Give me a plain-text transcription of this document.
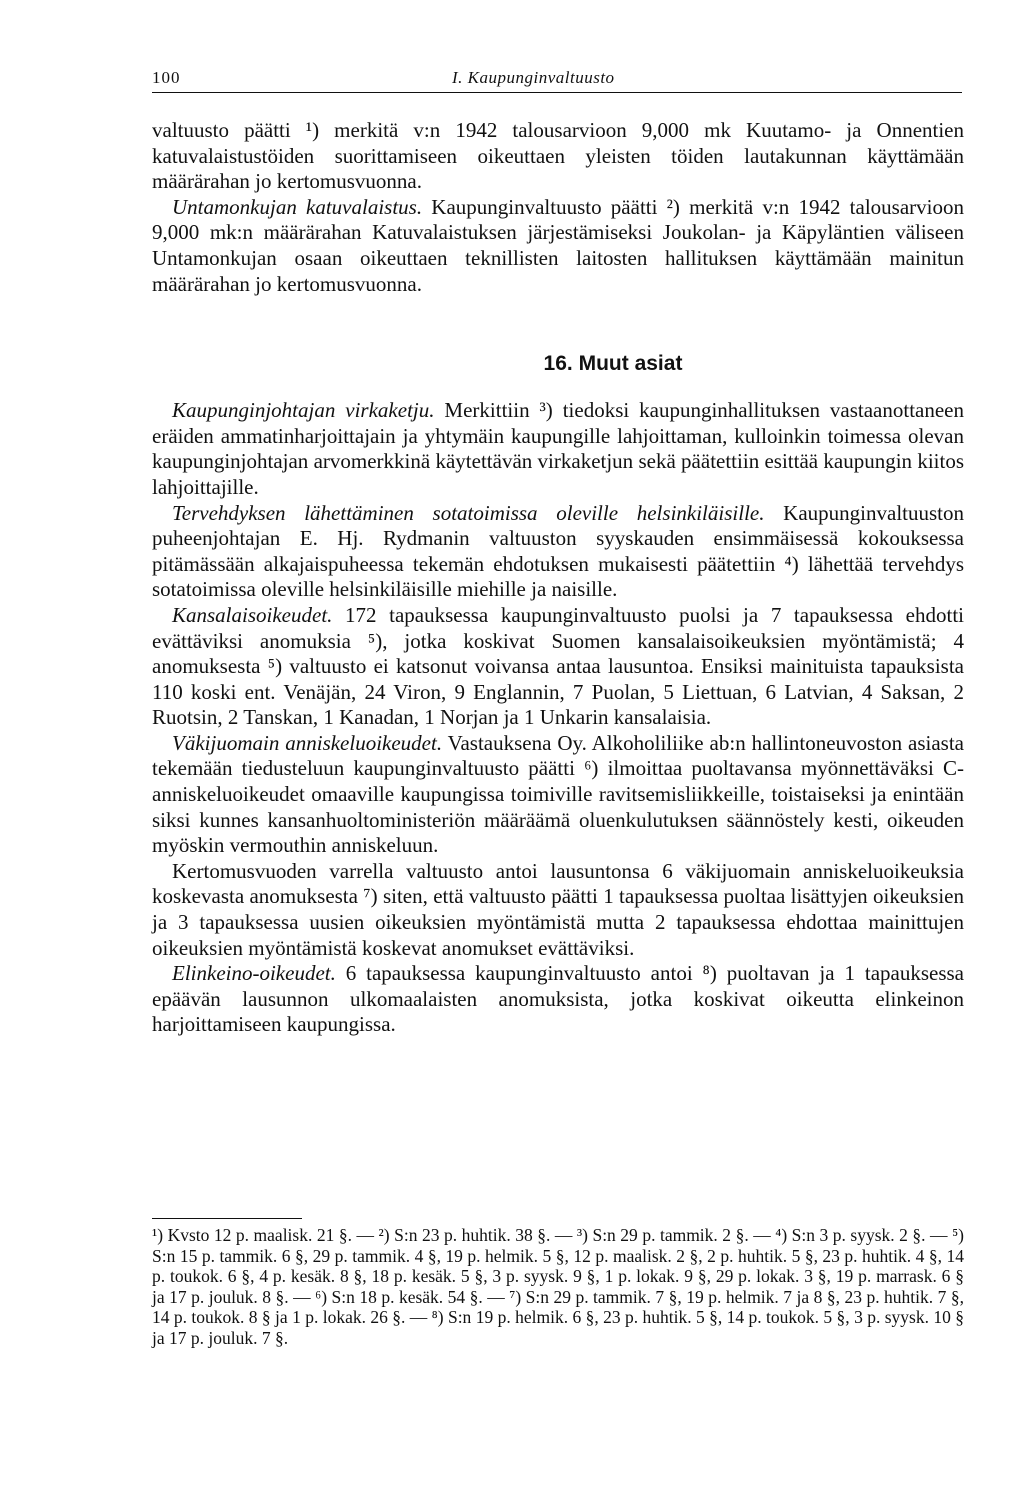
100	I. Kaupunginvaltuusto

valtuusto päätti ¹) merkitä v:n 1942 talousarvioon 9,000 mk Kuutamo- ja Onnentien katuvalaistustöiden suorittamiseen oikeuttaen yleisten töiden lautakunnan käyttämään määrärahan jo kertomusvuonna.

Untamonkujan katuvalaistus. Kaupunginvaltuusto päätti ²) merkitä v:n 1942 talousarvioon 9,000 mk:n määrärahan Katuvalaistuksen järjestämiseksi Joukolan- ja Käpyläntien väliseen Untamonkujan osaan oikeuttaen teknillisten laitosten hallituksen käyttämään mainitun määrärahan jo kertomusvuonna.

16. Muut asiat

Kaupunginjohtajan virkaketju. Merkittiin ³) tiedoksi kaupunginhallituksen vastaanottaneen eräiden ammatinharjoittajain ja yhtymäin kaupungille lahjoittaman, kulloinkin toimessa olevan kaupunginjohtajan arvomerkkinä käytettävän virkaketjun sekä päätettiin esittää kaupungin kiitos lahjoittajille.

Tervehdyksen lähettäminen sotatoimissa oleville helsinkiläisille. Kaupunginvaltuuston puheenjohtajan E. Hj. Rydmanin valtuuston syyskauden ensimmäisessä kokouksessa pitämässään alkajaispuheessa tekemän ehdotuksen mukaisesti päätettiin ⁴) lähettää tervehdys sotatoimissa oleville helsinkiläisille miehille ja naisille.

Kansalaisoikeudet. 172 tapauksessa kaupunginvaltuusto puolsi ja 7 tapauksessa ehdotti evättäviksi anomuksia ⁵), jotka koskivat Suomen kansalaisoikeuksien myöntämistä; 4 anomuksesta ⁵) valtuusto ei katsonut voivansa antaa lausuntoa. Ensiksi mainituista tapauksista 110 koski ent. Venäjän, 24 Viron, 9 Englannin, 7 Puolan, 5 Liettuan, 6 Latvian, 4 Saksan, 2 Ruotsin, 2 Tanskan, 1 Kanadan, 1 Norjan ja 1 Unkarin kansalaisia.

Väkijuomain anniskeluoikeudet. Vastauksena Oy. Alkoholiliike ab:n hallintoneuvoston asiasta tekemään tiedusteluun kaupunginvaltuusto päätti ⁶) ilmoittaa puoltavansa myönnettäväksi C-anniskeluoikeudet omaaville kaupungissa toimiville ravitsemisliikkeille, toistaiseksi ja enintään siksi kunnes kansanhuoltoministeriön määräämä oluenkulutuksen säännöstely kesti, oikeuden myöskin vermouthin anniskeluun.

Kertomusvuoden varrella valtuusto antoi lausuntonsa 6 väkijuomain anniskeluoikeuksia koskevasta anomuksesta ⁷) siten, että valtuusto päätti 1 tapauksessa puoltaa lisättyjen oikeuksien ja 3 tapauksessa uusien oikeuksien myöntämistä mutta 2 tapauksessa ehdottaa mainittujen oikeuksien myöntämistä koskevat anomukset evättäviksi.

Elinkeino-oikeudet. 6 tapauksessa kaupunginvaltuusto antoi ⁸) puoltavan ja 1 tapauksessa epäävän lausunnon ulkomaalaisten anomuksista, jotka koskivat oikeutta elinkeinon harjoittamiseen kaupungissa.

¹) Kvsto 12 p. maalisk. 21 §. — ²) S:n 23 p. huhtik. 38 §. — ³) S:n 29 p. tammik. 2 §. — ⁴) S:n 3 p. syysk. 2 §. — ⁵) S:n 15 p. tammik. 6 §, 29 p. tammik. 4 §, 19 p. helmik. 5 §, 12 p. maalisk. 2 §, 2 p. huhtik. 5 §, 23 p. huhtik. 4 §, 14 p. toukok. 6 §, 4 p. kesäk. 8 §, 18 p. kesäk. 5 §, 3 p. syysk. 9 §, 1 p. lokak. 9 §, 29 p. lokak. 3 §, 19 p. marrask. 6 § ja 17 p. jouluk. 8 §. — ⁶) S:n 18 p. kesäk. 54 §. — ⁷) S:n 29 p. tammik. 7 §, 19 p. helmik. 7 ja 8 §, 23 p. huhtik. 7 §, 14 p. toukok. 8 § ja 1 p. lokak. 26 §. — ⁸) S:n 19 p. helmik. 6 §, 23 p. huhtik. 5 §, 14 p. toukok. 5 §, 3 p. syysk. 10 § ja 17 p. jouluk. 7 §.
